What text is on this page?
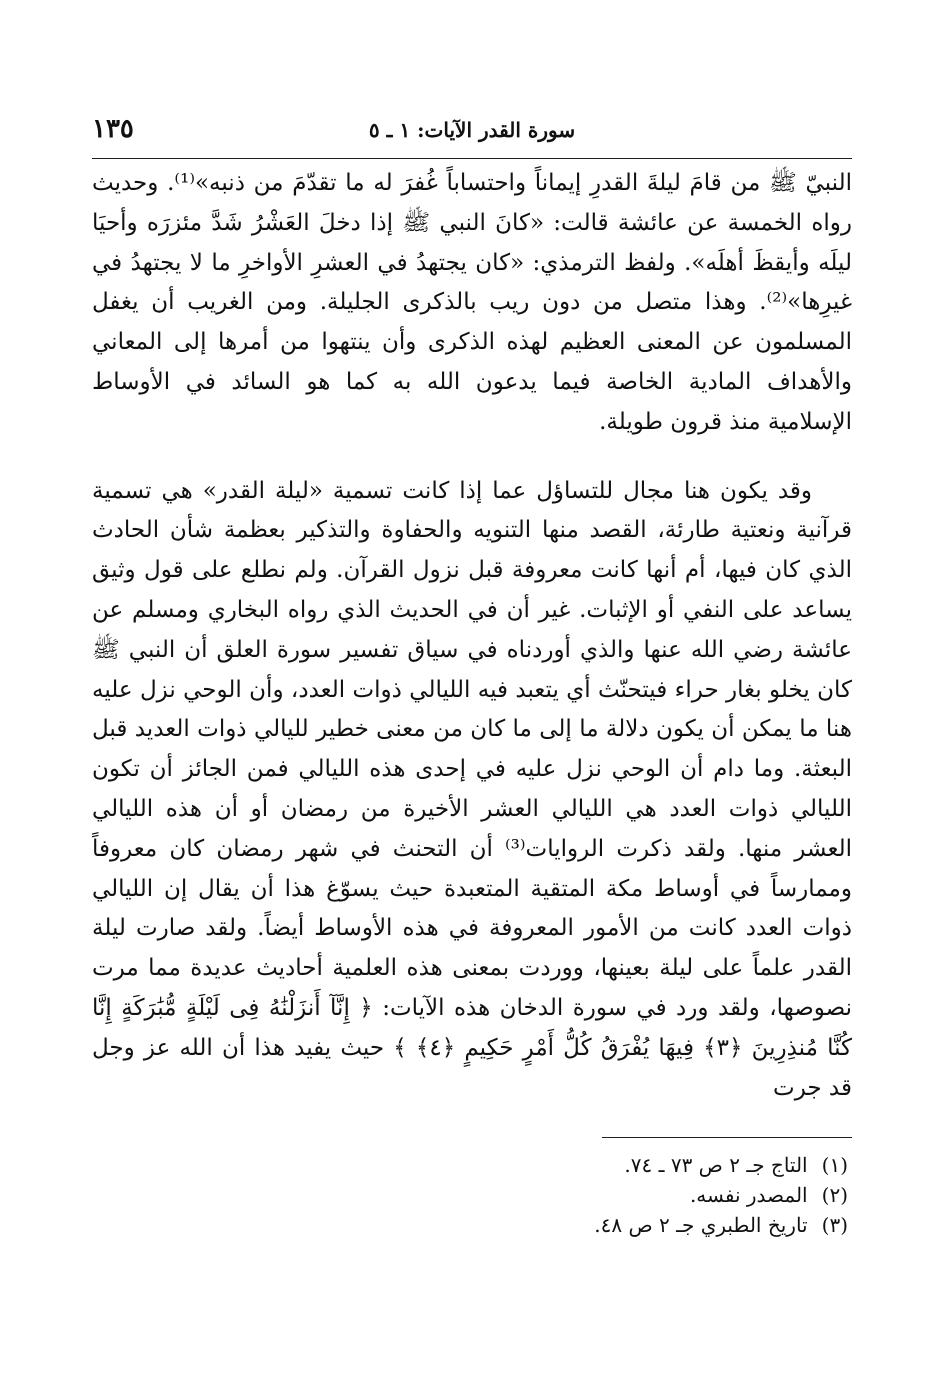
١٣٥	سورة القدر الآيات: ١ ـ ٥

النبيّ ﷺ من قامَ ليلةَ القدرِ إيماناً واحتساباً غُفرَ له ما تقدّمَ من ذنبه»⁽¹⁾. وحديث رواه الخمسة عن عائشة قالت: «كانَ النبي ﷺ إذا دخلَ العَشْرُ شَدَّ مئزرَه وأحيَا ليلَه وأيقظَ أهلَه». ولفظ الترمذي: «كان يجتهدُ في العشرِ الأواخرِ ما لا يجتهدُ في غيرِها»⁽²⁾. وهذا متصل من دون ريب بالذكرى الجليلة. ومن الغريب أن يغفل المسلمون عن المعنى العظيم لهذه الذكرى وأن ينتهوا من أمرها إلى المعاني والأهداف المادية الخاصة فيما يدعون الله به كما هو السائد في الأوساط الإسلامية منذ قرون طويلة.

وقد يكون هنا مجال للتساؤل عما إذا كانت تسمية «ليلة القدر» هي تسمية قرآنية ونعتية طارئة، القصد منها التنويه والحفاوة والتذكير بعظمة شأن الحادث الذي كان فيها، أم أنها كانت معروفة قبل نزول القرآن. ولم نطلع على قول وثيق يساعد على النفي أو الإثبات. غير أن في الحديث الذي رواه البخاري ومسلم عن عائشة رضي الله عنها والذي أوردناه في سياق تفسير سورة العلق أن النبي ﷺ كان يخلو بغار حراء فيتحنّث أي يتعبد فيه الليالي ذوات العدد، وأن الوحي نزل عليه هنا ما يمكن أن يكون دلالة ما إلى ما كان من معنى خطير لليالي ذوات العديد قبل البعثة. وما دام أن الوحي نزل عليه في إحدى هذه الليالي فمن الجائز أن تكون الليالي ذوات العدد هي الليالي العشر الأخيرة من رمضان أو أن هذه الليالي العشر منها. ولقد ذكرت الروايات⁽³⁾ أن التحنث في شهر رمضان كان معروفاً وممارساً في أوساط مكة المتقية المتعبدة حيث يسوّغ هذا أن يقال إن الليالي ذوات العدد كانت من الأمور المعروفة في هذه الأوساط أيضاً. ولقد صارت ليلة القدر علماً على ليلة بعينها، ووردت بمعنى هذه العلمية أحاديث عديدة مما مرت نصوصها، ولقد ورد في سورة الدخان هذه الآيات: ﴿ إِنَّآ أَنزَلْنَٰهُ فِى لَيْلَةٍ مُّبَٰرَكَةٍ إِنَّا كُنَّا مُنذِرِينَ ﴿٣﴾ فِيهَا يُفْرَقُ كُلُّ أَمْرٍ حَكِيمٍ ﴿٤﴾ ﴾ حيث يفيد هذا أن الله عز وجل قد جرت

(١)
التاج جـ ٢ ص ٧٣ ـ ٧٤.
(٢)
المصدر نفسه.
(٣)
تاريخ الطبري جـ ٢ ص ٤٨.
